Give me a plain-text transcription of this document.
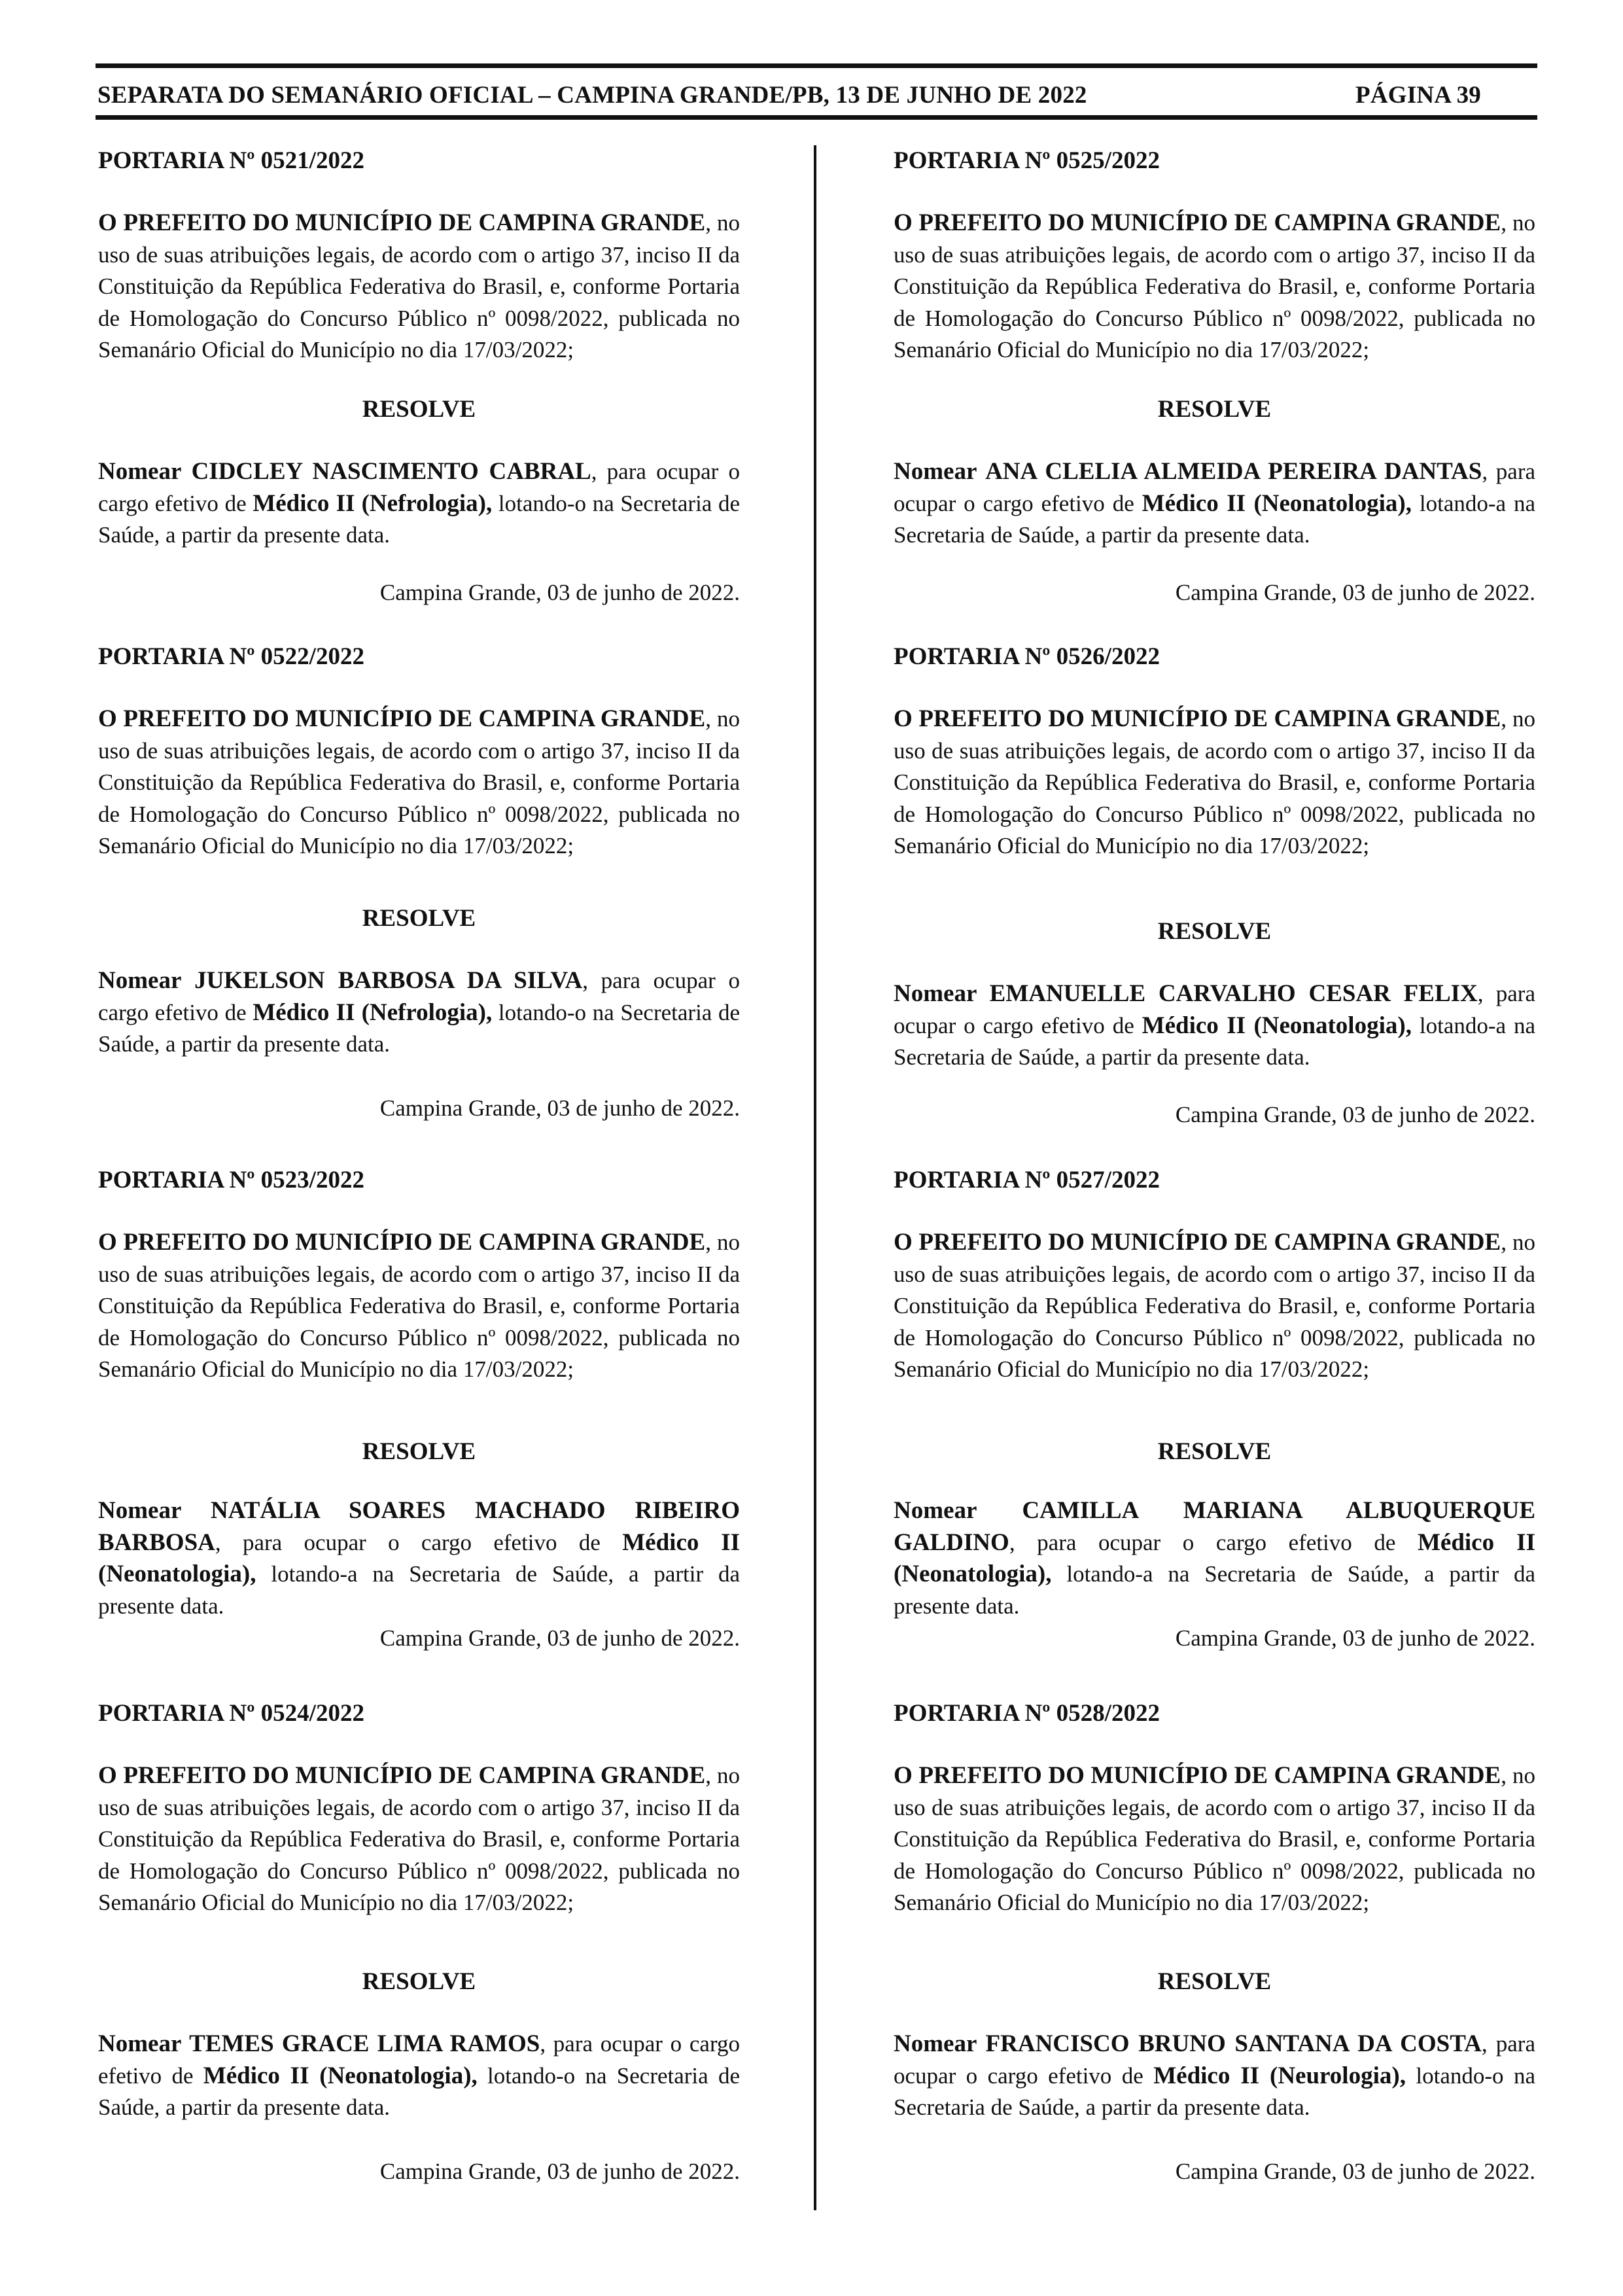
SEPARATA DO SEMANÁRIO OFICIAL – CAMPINA GRANDE/PB, 13 DE JUNHO DE 2022	PÁGINA 39
PORTARIA Nº 0521/2022
O PREFEITO DO MUNICÍPIO DE CAMPINA GRANDE, no uso de suas atribuições legais, de acordo com o artigo 37, inciso II da Constituição da República Federativa do Brasil, e, conforme Portaria de Homologação do Concurso Público nº 0098/2022, publicada no Semanário Oficial do Município no dia 17/03/2022;
RESOLVE
Nomear CIDCLEY NASCIMENTO CABRAL, para ocupar o cargo efetivo de Médico II (Nefrologia), lotando-o na Secretaria de Saúde, a partir da presente data.
Campina Grande, 03 de junho de 2022.
PORTARIA Nº 0522/2022
O PREFEITO DO MUNICÍPIO DE CAMPINA GRANDE, no uso de suas atribuições legais, de acordo com o artigo 37, inciso II da Constituição da República Federativa do Brasil, e, conforme Portaria de Homologação do Concurso Público nº 0098/2022, publicada no Semanário Oficial do Município no dia 17/03/2022;
RESOLVE
Nomear JUKELSON BARBOSA DA SILVA, para ocupar o cargo efetivo de Médico II (Nefrologia), lotando-o na Secretaria de Saúde, a partir da presente data.
Campina Grande, 03 de junho de 2022.
PORTARIA Nº 0523/2022
O PREFEITO DO MUNICÍPIO DE CAMPINA GRANDE, no uso de suas atribuições legais, de acordo com o artigo 37, inciso II da Constituição da República Federativa do Brasil, e, conforme Portaria de Homologação do Concurso Público nº 0098/2022, publicada no Semanário Oficial do Município no dia 17/03/2022;
RESOLVE
Nomear NATÁLIA SOARES MACHADO RIBEIRO BARBOSA, para ocupar o cargo efetivo de Médico II (Neonatologia), lotando-a na Secretaria de Saúde, a partir da presente data.
Campina Grande, 03 de junho de 2022.
PORTARIA Nº 0524/2022
O PREFEITO DO MUNICÍPIO DE CAMPINA GRANDE, no uso de suas atribuições legais, de acordo com o artigo 37, inciso II da Constituição da República Federativa do Brasil, e, conforme Portaria de Homologação do Concurso Público nº 0098/2022, publicada no Semanário Oficial do Município no dia 17/03/2022;
RESOLVE
Nomear TEMES GRACE LIMA RAMOS, para ocupar o cargo efetivo de Médico II (Neonatologia), lotando-o na Secretaria de Saúde, a partir da presente data.
Campina Grande, 03 de junho de 2022.
PORTARIA Nº 0525/2022
O PREFEITO DO MUNICÍPIO DE CAMPINA GRANDE, no uso de suas atribuições legais, de acordo com o artigo 37, inciso II da Constituição da República Federativa do Brasil, e, conforme Portaria de Homologação do Concurso Público nº 0098/2022, publicada no Semanário Oficial do Município no dia 17/03/2022;
RESOLVE
Nomear ANA CLELIA ALMEIDA PEREIRA DANTAS, para ocupar o cargo efetivo de Médico II (Neonatologia), lotando-a na Secretaria de Saúde, a partir da presente data.
Campina Grande, 03 de junho de 2022.
PORTARIA Nº 0526/2022
O PREFEITO DO MUNICÍPIO DE CAMPINA GRANDE, no uso de suas atribuições legais, de acordo com o artigo 37, inciso II da Constituição da República Federativa do Brasil, e, conforme Portaria de Homologação do Concurso Público nº 0098/2022, publicada no Semanário Oficial do Município no dia 17/03/2022;
RESOLVE
Nomear EMANUELLE CARVALHO CESAR FELIX, para ocupar o cargo efetivo de Médico II (Neonatologia), lotando-a na Secretaria de Saúde, a partir da presente data.
Campina Grande, 03 de junho de 2022.
PORTARIA Nº 0527/2022
O PREFEITO DO MUNICÍPIO DE CAMPINA GRANDE, no uso de suas atribuições legais, de acordo com o artigo 37, inciso II da Constituição da República Federativa do Brasil, e, conforme Portaria de Homologação do Concurso Público nº 0098/2022, publicada no Semanário Oficial do Município no dia 17/03/2022;
RESOLVE
Nomear CAMILLA MARIANA ALBUQUERQUE GALDINO, para ocupar o cargo efetivo de Médico II (Neonatologia), lotando-a na Secretaria de Saúde, a partir da presente data.
Campina Grande, 03 de junho de 2022.
PORTARIA Nº 0528/2022
O PREFEITO DO MUNICÍPIO DE CAMPINA GRANDE, no uso de suas atribuições legais, de acordo com o artigo 37, inciso II da Constituição da República Federativa do Brasil, e, conforme Portaria de Homologação do Concurso Público nº 0098/2022, publicada no Semanário Oficial do Município no dia 17/03/2022;
RESOLVE
Nomear FRANCISCO BRUNO SANTANA DA COSTA, para ocupar o cargo efetivo de Médico II (Neurologia), lotando-o na Secretaria de Saúde, a partir da presente data.
Campina Grande, 03 de junho de 2022.
